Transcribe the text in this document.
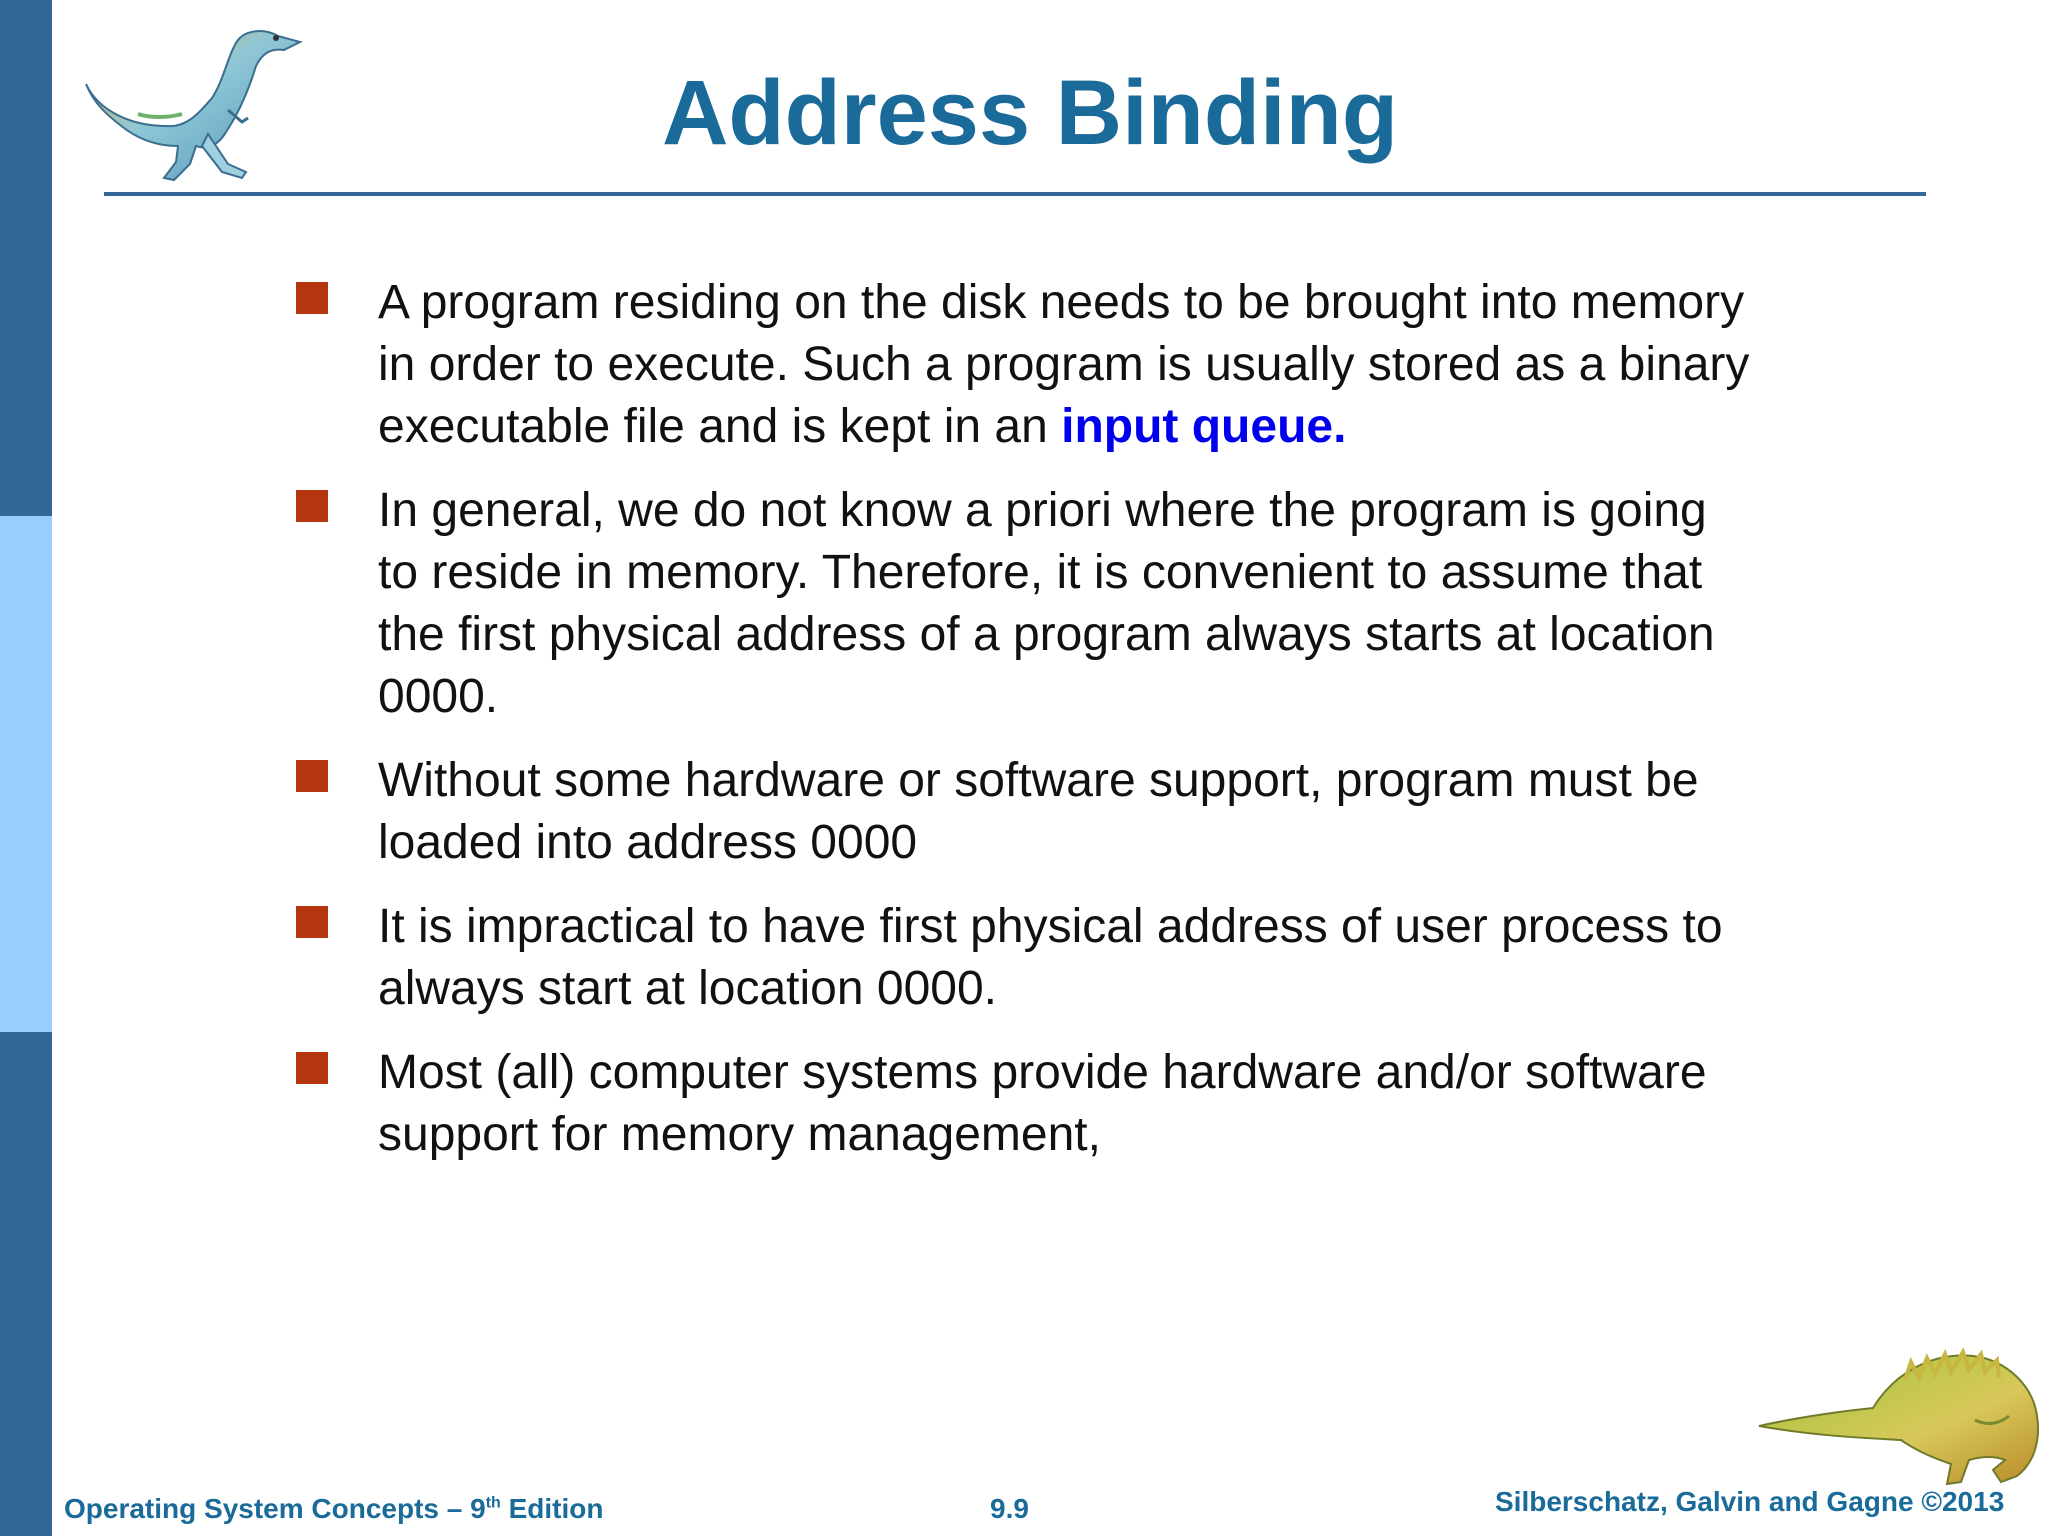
Address Binding
A program residing on the disk needs to be brought into memory in order to execute. Such a program is usually stored as a binary executable file and is kept in an input queue.
In general, we do not know a priori where the program is going to reside in memory. Therefore, it is convenient to assume that the first physical address of a program always starts at location 0000.
Without some hardware or software support, program must be loaded into address 0000
It is impractical to have first physical address of user process to always start at location 0000.
Most (all) computer systems provide hardware and/or software support for memory management,
Operating System Concepts – 9th Edition	9.9	Silberschatz, Galvin and Gagne ©2013
